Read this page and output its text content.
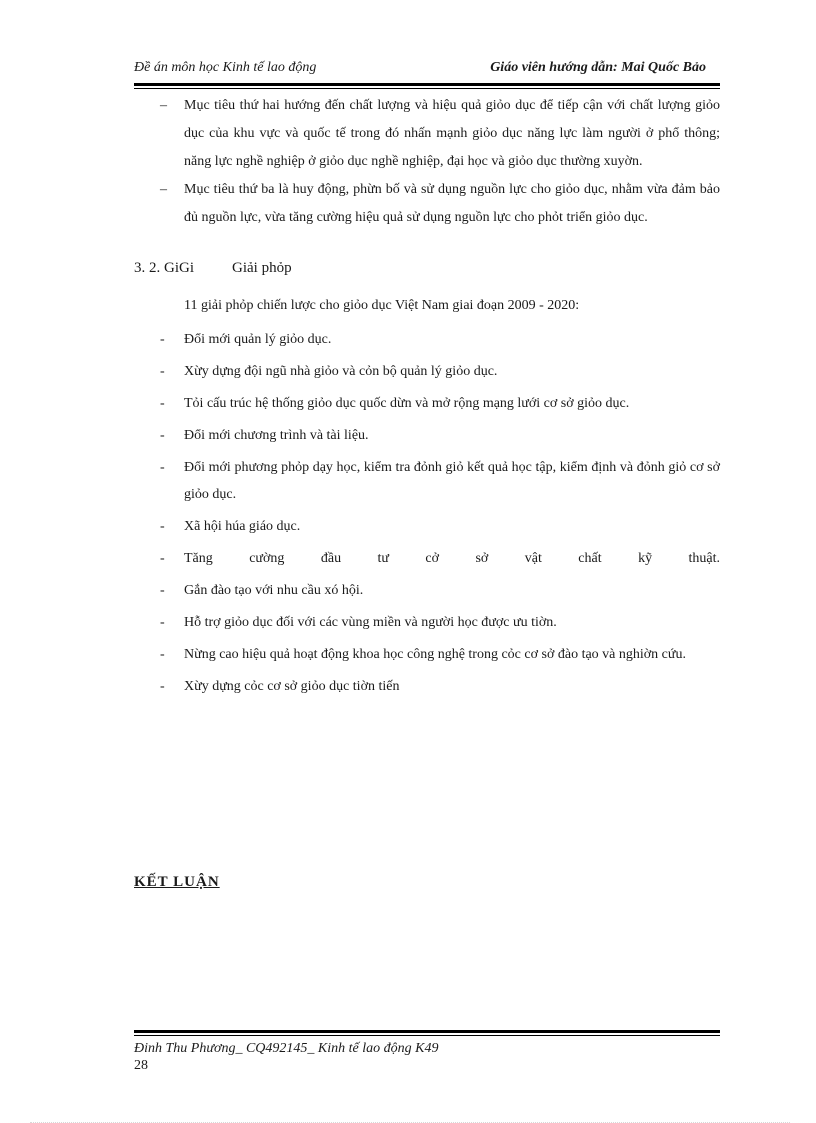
Đề án môn học Kinh tế lao động	Giáo viên hướng dẫn: Mai Quốc Bảo
– Mục tiêu thứ hai hướng đến chất lượng và hiệu quả giỏo dục để tiếp cận với chất lượng giỏo dục của khu vực và quốc tế trong đó nhấn mạnh giỏo dục năng lực làm người ở phổ thông; năng lực nghề nghiệp ở giỏo dục nghề nghiệp, đại học và giỏo dục thường xuyờn.
– Mục tiêu thứ ba là huy động, phừn bố và sử dụng nguồn lực cho giỏo dục, nhằm vừa đảm bảo đủ nguồn lực, vừa tăng cường hiệu quả sử dụng nguồn lực cho phỏt triển giỏo dục.
3. 2. GiGi	Giải phỏp
11 giải phỏp chiến lược cho giỏo dục Việt Nam giai đoạn 2009 - 2020:
- Đổi mới quản lý giỏo dục.
- Xừy dựng đội ngũ nhà giỏo và cỏn bộ quản lý giỏo dục.
- Tỏi cấu trúc hệ thống giỏo dục quốc dừn và mở rộng mạng lưới cơ sở giỏo dục.
- Đổi mới chương trình và tài liệu.
- Đổi mới phương phỏp dạy học, kiểm tra đỏnh giỏ kết quả học tập, kiểm định và đỏnh giỏ cơ sở giỏo dục.
- Xã hội húa giáo dục.
- Tăng cường đầu tư cở sở vật chất kỹ thuật.
- Gắn đào tạo với nhu cầu xó hội.
- Hỗ trợ giỏo dục đối với các vùng miền và người học được ưu tiờn.
- Nừng cao hiệu quả hoạt động khoa học công nghệ trong cỏc cơ sở đào tạo và nghiờn cứu.
- Xừy dựng cỏc cơ sở giỏo dục tiờn tiến
KẾT LUẬN
Đinh Thu Phương_ CQ492145_ Kinh tế lao động K49
28
